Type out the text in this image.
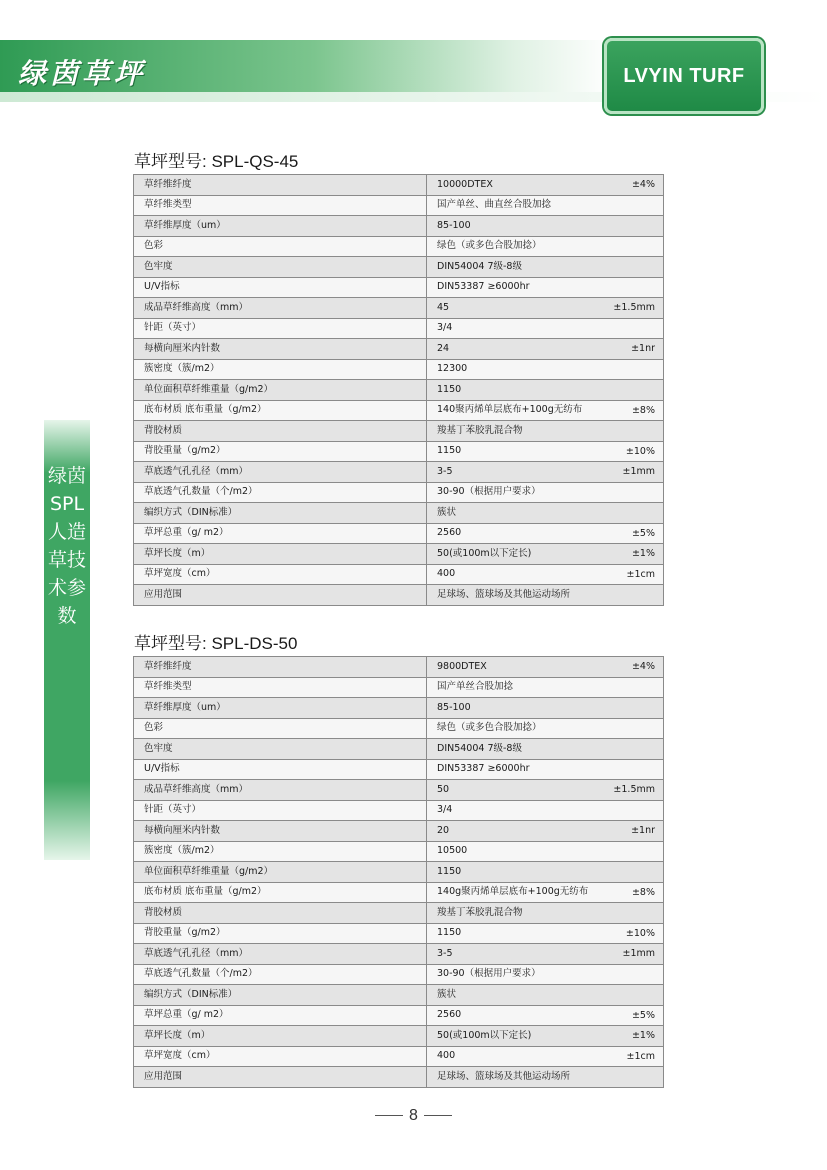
绿茵草坪	LVYIN TURF
绿茵SPL人造草技术参数
草坪型号: SPL-QS-45
草纤维纤度	10000DTEX ±4%

草纤维类型	国产单丝、曲直丝合股加捻

草纤维厚度（um）	85-100

色彩	绿色（或多色合股加捻）

色牢度	DIN54004 7级-8级

U/V指标	DIN53387 ≥6000hr

成品草纤维高度（mm）	45 ±1.5mm

针距（英寸）	3/4

每横向厘米内针数	24 ±1nr

簇密度（簇/m2）	12300

单位面积草纤维重量（g/m2）	1150

底布材质 底布重量（g/m2）	140聚丙烯单层底布+100g无纺布 ±8%

背胶材质	羧基丁苯胶乳混合物

背胶重量（g/m2）	1150 ±10%

草底透气孔孔径（mm）	3-5 ±1mm

草底透气孔数量（个/m2）	30-90（根据用户要求）

编织方式（DIN标准）	簇状

草坪总重（g/ m2）	2560 ±5%

草坪长度（m）	50(或100m以下定长) ±1%

草坪宽度（cm）	400 ±1cm

应用范围	足球场、篮球场及其他运动场所
草坪型号: SPL-DS-50
草纤维纤度	9800DTEX ±4%

草纤维类型	国产单丝合股加捻

草纤维厚度（um）	85-100

色彩	绿色（或多色合股加捻）

色牢度	DIN54004 7级-8级

U/V指标	DIN53387 ≥6000hr

成品草纤维高度（mm）	50 ±1.5mm

针距（英寸）	3/4

每横向厘米内针数	20 ±1nr

簇密度（簇/m2）	10500

单位面积草纤维重量（g/m2）	1150

底布材质 底布重量（g/m2）	140g聚丙烯单层底布+100g无纺布 ±8%

背胶材质	羧基丁苯胶乳混合物

背胶重量（g/m2）	1150 ±10%

草底透气孔孔径（mm）	3-5 ±1mm

草底透气孔数量（个/m2）	30-90（根据用户要求）

编织方式（DIN标准）	簇状

草坪总重（g/ m2）	2560 ±5%

草坪长度（m）	50(或100m以下定长) ±1%

草坪宽度（cm）	400 ±1cm

应用范围	足球场、篮球场及其他运动场所
8
